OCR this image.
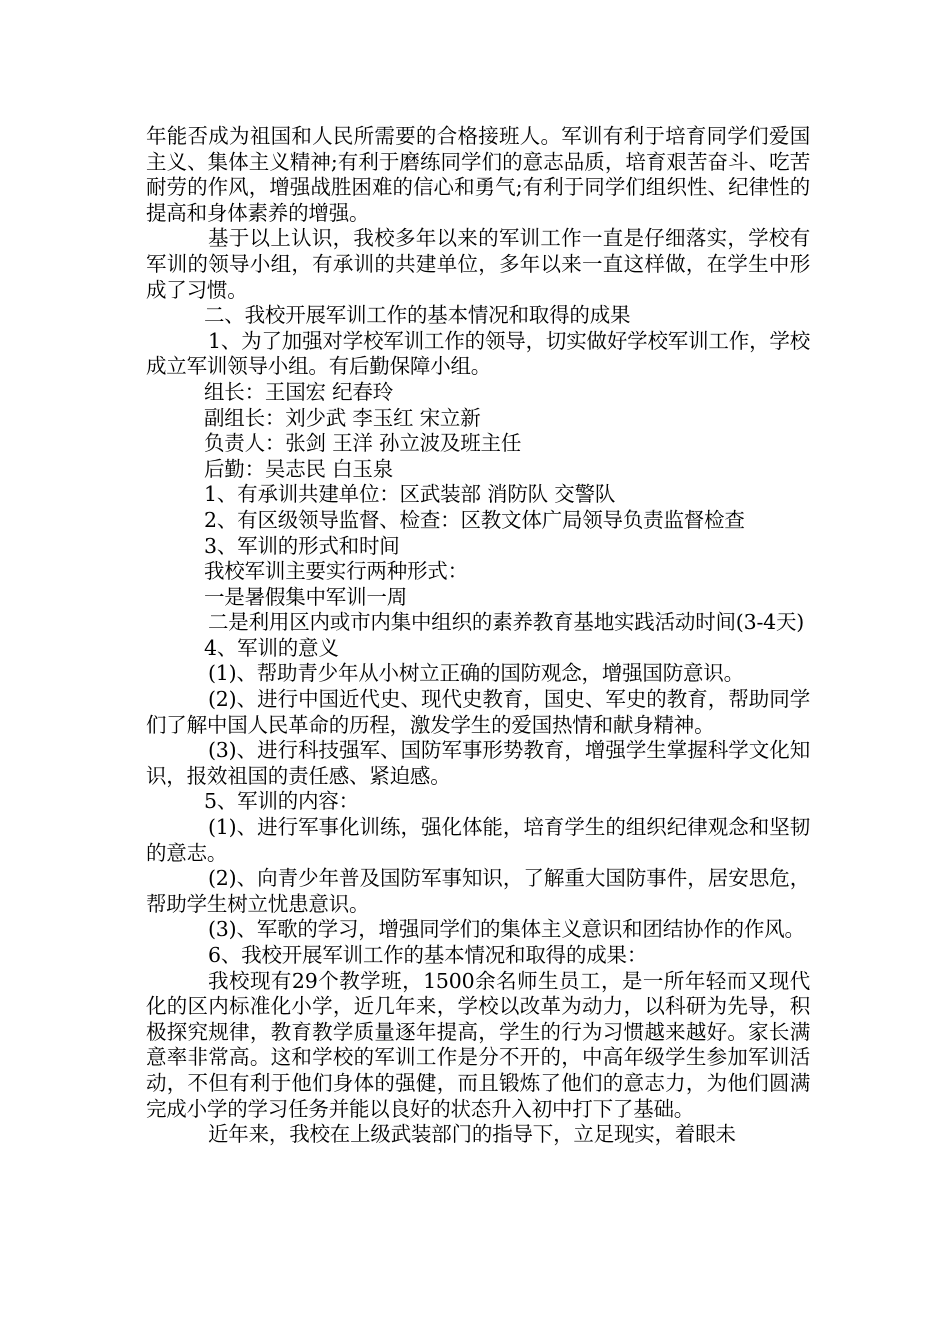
年能否成为祖国和人民所需要的合格接班人。军训有利于培育同学们爱国主义、集体主义精神;有利于磨练同学们的意志品质，培育艰苦奋斗、吃苦耐劳的作风，增强战胜困难的信心和勇气;有利于同学们组织性、纪律性的提高和身体素养的增强。

基于以上认识，我校多年以来的军训工作一直是仔细落实，学校有军训的领导小组，有承训的共建单位，多年以来一直这样做，在学生中形成了习惯。

二、我校开展军训工作的基本情况和取得的成果

1、为了加强对学校军训工作的领导，切实做好学校军训工作，学校成立军训领导小组。有后勤保障小组。

组长：王国宏 纪春玲

副组长：刘少武 李玉红 宋立新

负责人：张剑 王洋 孙立波及班主任

后勤：吴志民 白玉泉

1、有承训共建单位：区武装部 消防队 交警队

2、有区级领导监督、检查：区教文体广局领导负责监督检查

3、军训的形式和时间

我校军训主要实行两种形式：

一是暑假集中军训一周

二是利用区内或市内集中组织的素养教育基地实践活动时间(3-4天)

4、军训的意义

(1)、帮助青少年从小树立正确的国防观念，增强国防意识。

(2)、进行中国近代史、现代史教育，国史、军史的教育，帮助同学们了解中国人民革命的历程，激发学生的爱国热情和献身精神。

(3)、进行科技强军、国防军事形势教育，增强学生掌握科学文化知识，报效祖国的责任感、紧迫感。

5、军训的内容：

(1)、进行军事化训练，强化体能，培育学生的组织纪律观念和坚韧的意志。

(2)、向青少年普及国防军事知识，了解重大国防事件，居安思危，帮助学生树立忧患意识。

(3)、军歌的学习，增强同学们的集体主义意识和团结协作的作风。

6、我校开展军训工作的基本情况和取得的成果：

我校现有29个教学班，1500余名师生员工，是一所年轻而又现代化的区内标准化小学，近几年来，学校以改革为动力，以科研为先导，积极探究规律，教育教学质量逐年提高，学生的行为习惯越来越好。家长满意率非常高。这和学校的军训工作是分不开的，中高年级学生参加军训活动，不但有利于他们身体的强健，而且锻炼了他们的意志力，为他们圆满完成小学的学习任务并能以良好的状态升入初中打下了基础。

近年来，我校在上级武装部门的指导下，立足现实，着眼未
